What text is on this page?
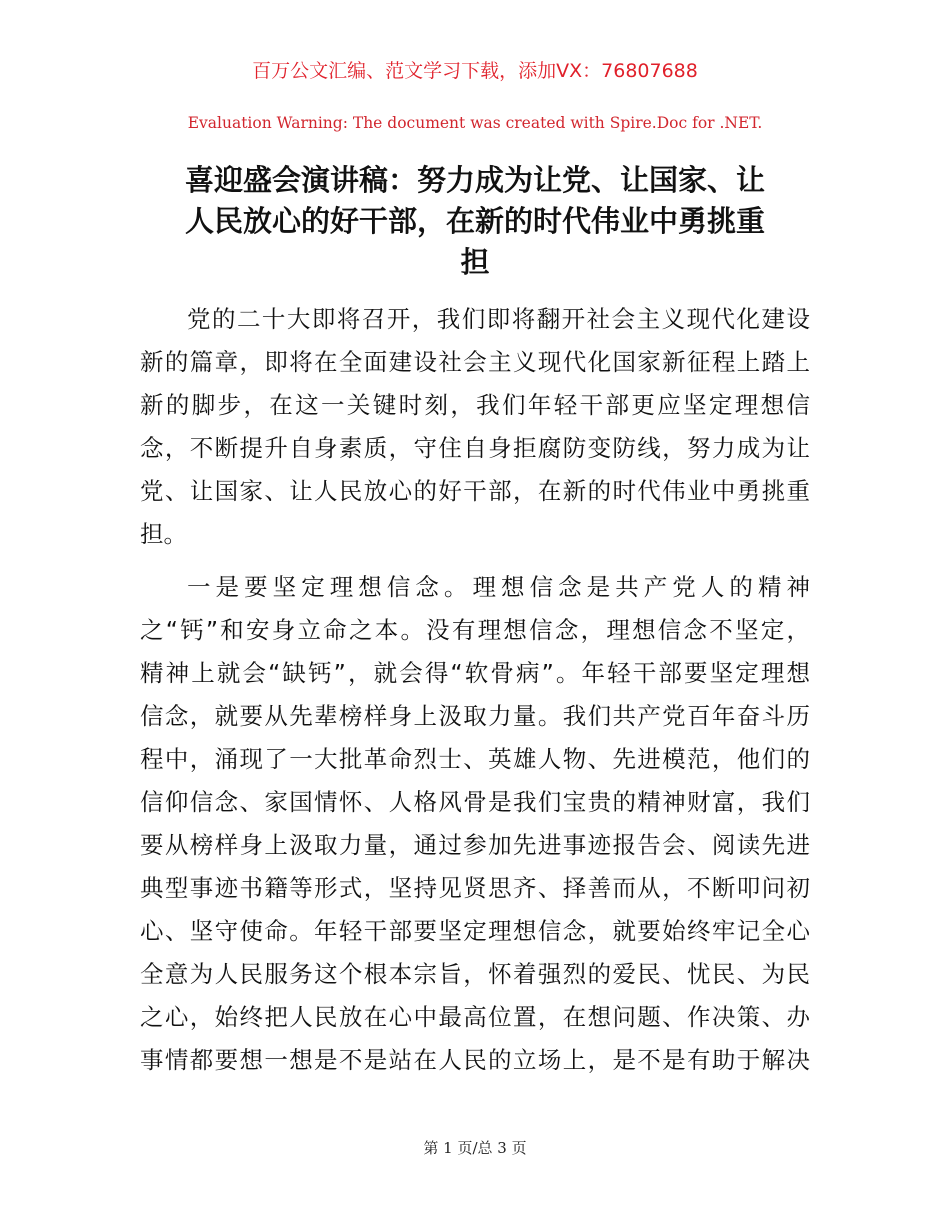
百万公文汇编、范文学习下载，添加VX：76807688
Evaluation Warning: The document was created with Spire.Doc for .NET.
喜迎盛会演讲稿：努力成为让党、让国家、让
人民放心的好干部，在新的时代伟业中勇挑重
担
党的二十大即将召开，我们即将翻开社会主义现代化建设
新的篇章，即将在全面建设社会主义现代化国家新征程上踏上
新的脚步，在这一关键时刻，我们年轻干部更应坚定理想信
念，不断提升自身素质，守住自身拒腐防变防线，努力成为让
党、让国家、让人民放心的好干部，在新的时代伟业中勇挑重
担。
一是要坚定理想信念。理想信念是共产党人的精神
之“钙”和安身立命之本。没有理想信念，理想信念不坚定，
精神上就会“缺钙”，就会得“软骨病”。年轻干部要坚定理想
信念，就要从先辈榜样身上汲取力量。我们共产党百年奋斗历
程中，涌现了一大批革命烈士、英雄人物、先进模范，他们的
信仰信念、家国情怀、人格风骨是我们宝贵的精神财富，我们
要从榜样身上汲取力量，通过参加先进事迹报告会、阅读先进
典型事迹书籍等形式，坚持见贤思齐、择善而从，不断叩问初
心、坚守使命。年轻干部要坚定理想信念，就要始终牢记全心
全意为人民服务这个根本宗旨，怀着强烈的爱民、忧民、为民
之心，始终把人民放在心中最高位置，在想问题、作决策、办
事情都要想一想是不是站在人民的立场上，是不是有助于解决
第 1 页/总 3 页
